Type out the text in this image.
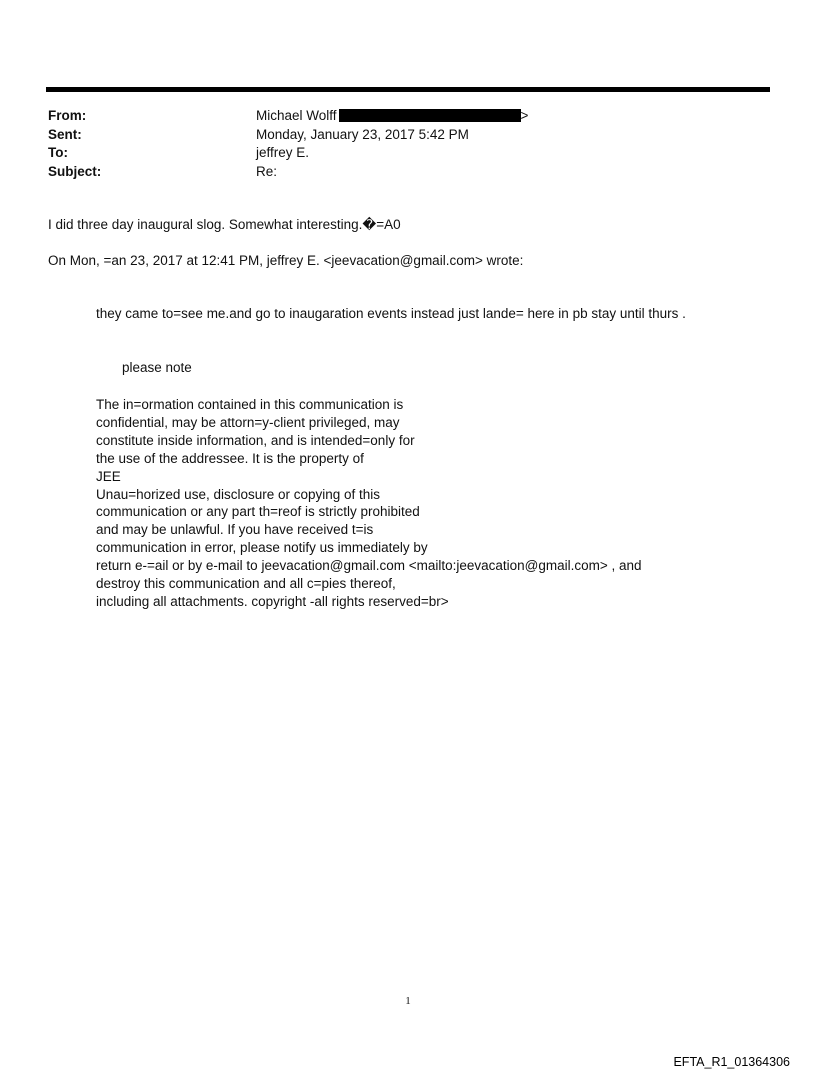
From:	Michael Wolff	>
Sent:	Monday, January 23, 2017 5:42 PM
To:	jeffrey E.
Subject:	Re:
I did three day inaugural slog. Somewhat interesting.�=A0
On Mon, =an 23, 2017 at 12:41 PM, jeffrey E. <jeevacation@gmail.com> wrote:
they came to=see me.and go to inaugaration events instead just lande= here in pb stay until thurs .
please note
The in=ormation contained in this communication is
confidential, may be attorn=y-client privileged, may
constitute inside information, and is intended=only for
the use of the addressee. It is the property of
JEE
Unau=horized use, disclosure or copying of this
communication or any part th=reof is strictly prohibited
and may be unlawful. If you have received t=is
communication in error, please notify us immediately by
return e-=ail or by e-mail to jeevacation@gmail.com <mailto:jeevacation@gmail.com> , and
destroy this communication and all c=pies thereof,
including all attachments. copyright -all rights reserved=br>
1
EFTA_R1_01364306
